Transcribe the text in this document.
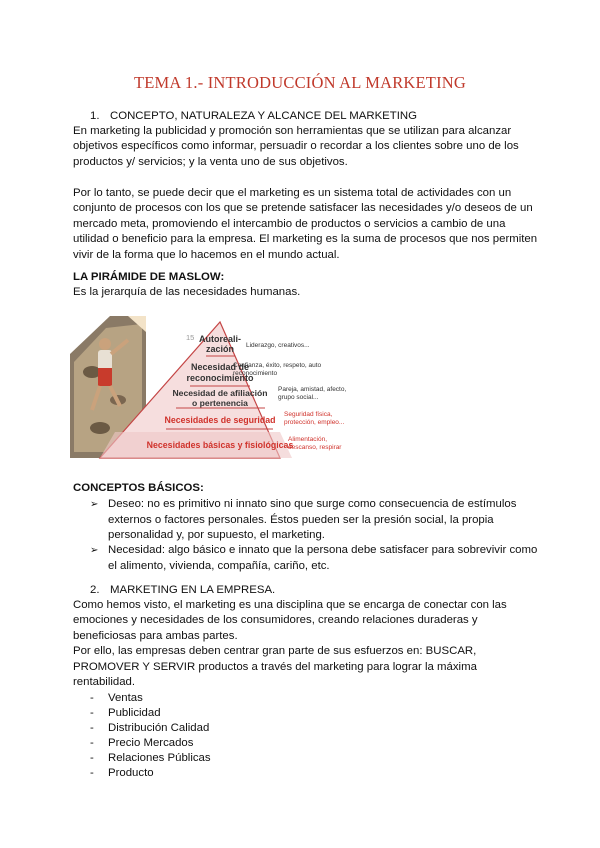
TEMA 1.- INTRODUCCIÓN AL MARKETING
1. CONCEPTO, NATURALEZA Y ALCANCE DEL MARKETING
En marketing la publicidad y promoción son herramientas que se utilizan para alcanzar
objetivos específicos como informar, persuadir o recordar a los clientes sobre uno de los
productos y/ servicios; y la venta uno de sus objetivos.
Por lo tanto, se puede decir que el marketing es un sistema total de actividades con un
conjunto de procesos con los que se pretende satisfacer las necesidades y/o deseos de un
mercado meta, promoviendo el intercambio de productos o servicios a cambio de una
utilidad o beneficio para la empresa. El marketing es la suma de procesos que nos permiten
vivir de la forma que lo hacemos en el mundo actual.
LA PIRÁMIDE DE MASLOW:
Es la jerarquía de las necesidades humanas.
15 Autoreali-
zación
Necesidad de
reconocimiento
Necesidad de afiliación
o pertenencia
Necesidades de seguridad
Necesidades básicas y fisiológicas
Liderazgo, creativos...
Confianza, éxito, respeto, auto
reconocimiento
Pareja, amistad, afecto,
grupo social...
Seguridad física,
protección, empleo...
Alimentación,
descanso, respirar
CONCEPTOS BÁSICOS:
➢ Deseo: no es primitivo ni innato sino que surge como consecuencia de estímulos
externos o factores personales. Éstos pueden ser la presión social, la propia
personalidad y, por supuesto, el marketing.
➢ Necesidad: algo básico e innato que la persona debe satisfacer para sobrevivir como
el alimento, vivienda, compañía, cariño, etc.
2. MARKETING EN LA EMPRESA.
Como hemos visto, el marketing es una disciplina que se encarga de conectar con las
emociones y necesidades de los consumidores, creando relaciones duraderas y
beneficiosas para ambas partes.
Por ello, las empresas deben centrar gran parte de sus esfuerzos en: BUSCAR,
PROMOVER Y SERVIR productos a través del marketing para lograr la máxima
rentabilidad.
- Ventas
- Publicidad
- Distribución Calidad
- Precio Mercados
- Relaciones Públicas
- Producto
